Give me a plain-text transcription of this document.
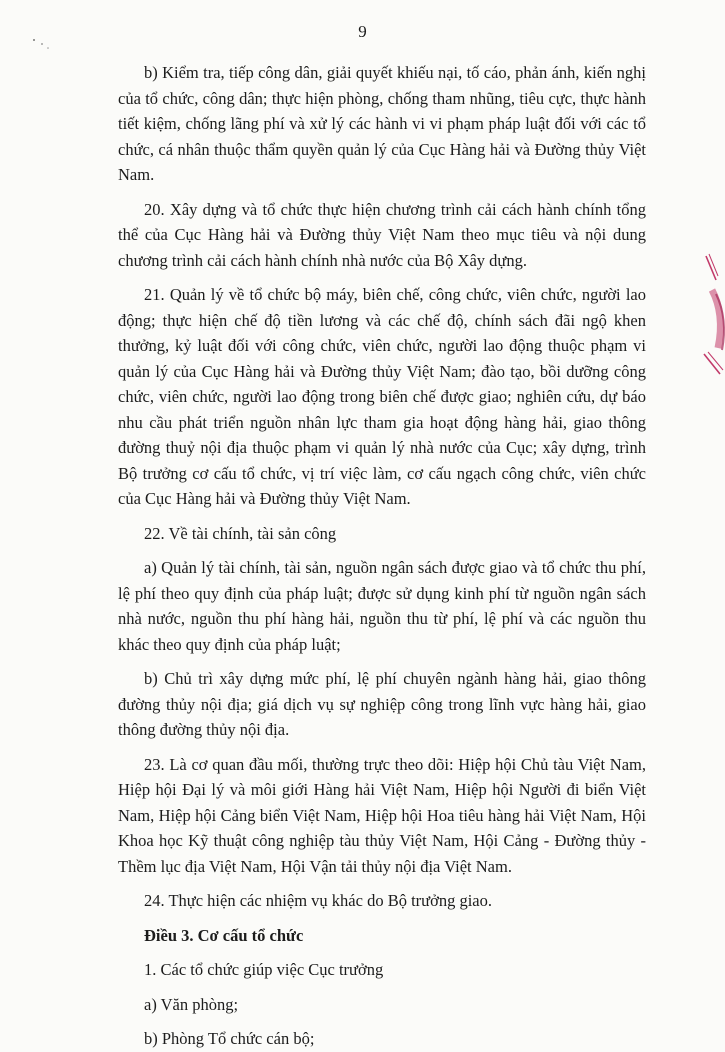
9

b) Kiểm tra, tiếp công dân, giải quyết khiếu nại, tố cáo, phản ánh, kiến nghị của tổ chức, công dân; thực hiện phòng, chống tham nhũng, tiêu cực, thực hành tiết kiệm, chống lãng phí và xử lý các hành vi vi phạm pháp luật đối với các tổ chức, cá nhân thuộc thẩm quyền quản lý của Cục Hàng hải và Đường thủy Việt Nam.

20. Xây dựng và tổ chức thực hiện chương trình cải cách hành chính tổng thể của Cục Hàng hải và Đường thủy Việt Nam theo mục tiêu và nội dung chương trình cải cách hành chính nhà nước của Bộ Xây dựng.

21. Quản lý về tổ chức bộ máy, biên chế, công chức, viên chức, người lao động; thực hiện chế độ tiền lương và các chế độ, chính sách đãi ngộ khen thưởng, kỷ luật đối với công chức, viên chức, người lao động thuộc phạm vi quản lý của Cục Hàng hải và Đường thủy Việt Nam; đào tạo, bồi dưỡng công chức, viên chức, người lao động trong biên chế được giao; nghiên cứu, dự báo nhu cầu phát triển nguồn nhân lực tham gia hoạt động hàng hải, giao thông đường thuỷ nội địa thuộc phạm vi quản lý nhà nước của Cục; xây dựng, trình Bộ trưởng cơ cấu tổ chức, vị trí việc làm, cơ cấu ngạch công chức, viên chức của Cục Hàng hải và Đường thủy Việt Nam.

22. Về tài chính, tài sản công

a) Quản lý tài chính, tài sản, nguồn ngân sách được giao và tổ chức thu phí, lệ phí theo quy định của pháp luật; được sử dụng kinh phí từ nguồn ngân sách nhà nước, nguồn thu phí hàng hải, nguồn thu từ phí, lệ phí và các nguồn thu khác theo quy định của pháp luật;

b) Chủ trì xây dựng mức phí, lệ phí chuyên ngành hàng hải, giao thông đường thủy nội địa; giá dịch vụ sự nghiệp công trong lĩnh vực hàng hải, giao thông đường thủy nội địa.

23. Là cơ quan đầu mối, thường trực theo dõi: Hiệp hội Chủ tàu Việt Nam, Hiệp hội Đại lý và môi giới Hàng hải Việt Nam, Hiệp hội Người đi biển Việt Nam, Hiệp hội Cảng biển Việt Nam, Hiệp hội Hoa tiêu hàng hải Việt Nam, Hội Khoa học Kỹ thuật công nghiệp tàu thủy Việt Nam, Hội Cảng - Đường thủy - Thềm lục địa Việt Nam, Hội Vận tải thủy nội địa Việt Nam.

24. Thực hiện các nhiệm vụ khác do Bộ trưởng giao.

Điều 3. Cơ cấu tổ chức

1. Các tổ chức giúp việc Cục trưởng

a) Văn phòng;

b) Phòng Tổ chức cán bộ;
